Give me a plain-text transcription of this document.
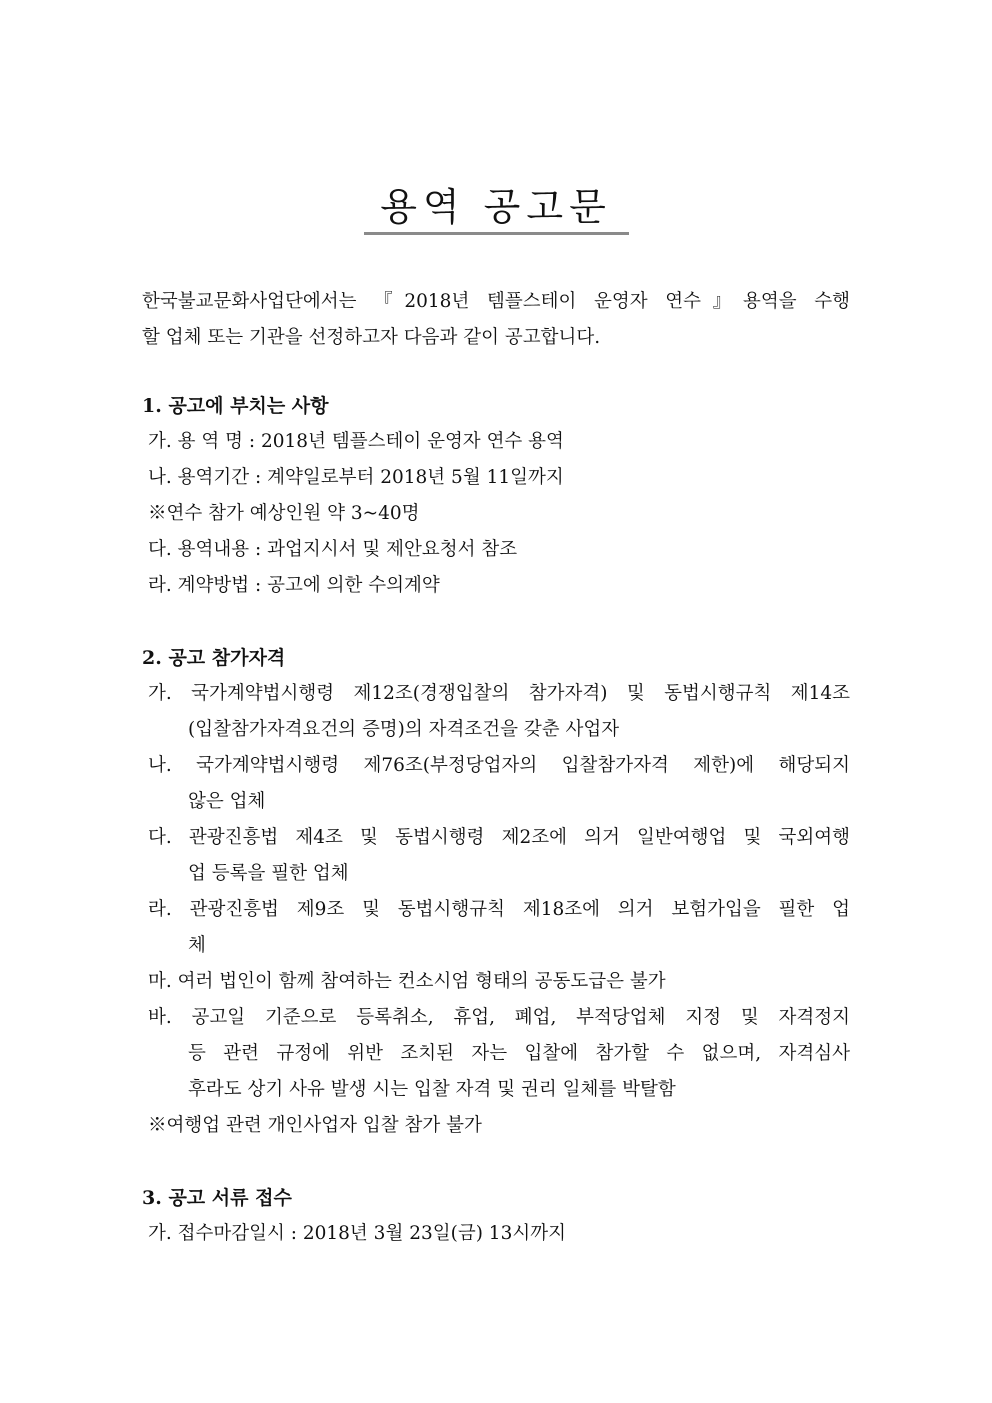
용역 공고문

한국불교문화사업단에서는 『2018년 템플스테이 운영자 연수』용역을 수행
할 업체 또는 기관을 선정하고자 다음과 같이 공고합니다.

1. 공고에 부치는 사항
가. 용 역 명 : 2018년 템플스테이 운영자 연수 용역
나. 용역기간 : 계약일로부터 2018년 5월 11일까지
※연수 참가 예상인원 약 3~40명
다. 용역내용 : 과업지시서 및 제안요청서 참조
라. 계약방법 : 공고에 의한 수의계약
2. 공고 참가자격
가. 국가계약법시행령 제12조(경쟁입찰의 참가자격) 및 동법시행규칙 제14조
(입찰참가자격요건의 증명)의 자격조건을 갖춘 사업자
나. 국가계약법시행령 제76조(부정당업자의 입찰참가자격 제한)에 해당되지
않은 업체
다. 관광진흥법 제4조 및 동법시행령 제2조에 의거 일반여행업 및 국외여행
업 등록을 필한 업체
라. 관광진흥법 제9조 및 동법시행규칙 제18조에 의거 보험가입을 필한 업
체
마. 여러 법인이 함께 참여하는 컨소시엄 형태의 공동도급은 불가
바. 공고일 기준으로 등록취소, 휴업, 폐업, 부적당업체 지정 및 자격정지
등 관련 규정에 위반 조치된 자는 입찰에 참가할 수 없으며, 자격심사
후라도 상기 사유 발생 시는 입찰 자격 및 권리 일체를 박탈함
※여행업 관련 개인사업자 입찰 참가 불가
3. 공고 서류 접수
가. 접수마감일시 : 2018년 3월 23일(금) 13시까지
